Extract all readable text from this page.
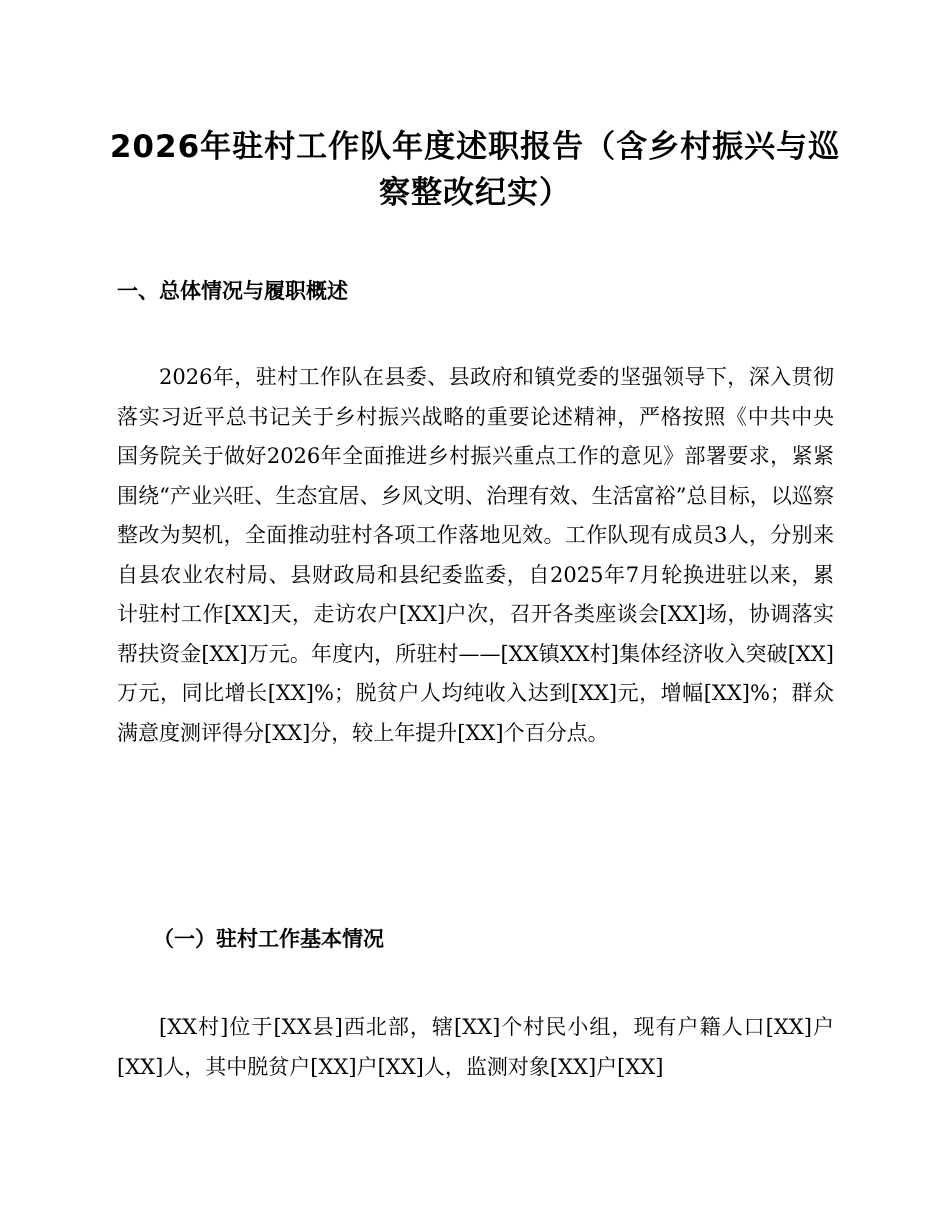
2026年驻村工作队年度述职报告（含乡村振兴与巡察整改纪实）
一、总体情况与履职概述

2026年，驻村工作队在县委、县政府和镇党委的坚强领导下，深入贯彻落实习近平总书记关于乡村振兴战略的重要论述精神，严格按照《中共中央 国务院关于做好2026年全面推进乡村振兴重点工作的意见》部署要求，紧紧围绕“产业兴旺、生态宜居、乡风文明、治理有效、生活富裕”总目标，以巡察整改为契机，全面推动驻村各项工作落地见效。工作队现有成员3人，分别来自县农业农村局、县财政局和县纪委监委，自2025年7月轮换进驻以来，累计驻村工作[XX]天，走访农户[XX]户次，召开各类座谈会[XX]场，协调落实帮扶资金[XX]万元。年度内，所驻村——[XX镇XX村]集体经济收入突破[XX]万元，同比增长[XX]%；脱贫户人均纯收入达到[XX]元，增幅[XX]%；群众满意度测评得分[XX]分，较上年提升[XX]个百分点。

（一）驻村工作基本情况

[XX村]位于[XX县]西北部，辖[XX]个村民小组，现有户籍人口[XX]户[XX]人，其中脱贫户[XX]户[XX]人，监测对象[XX]户[XX]
